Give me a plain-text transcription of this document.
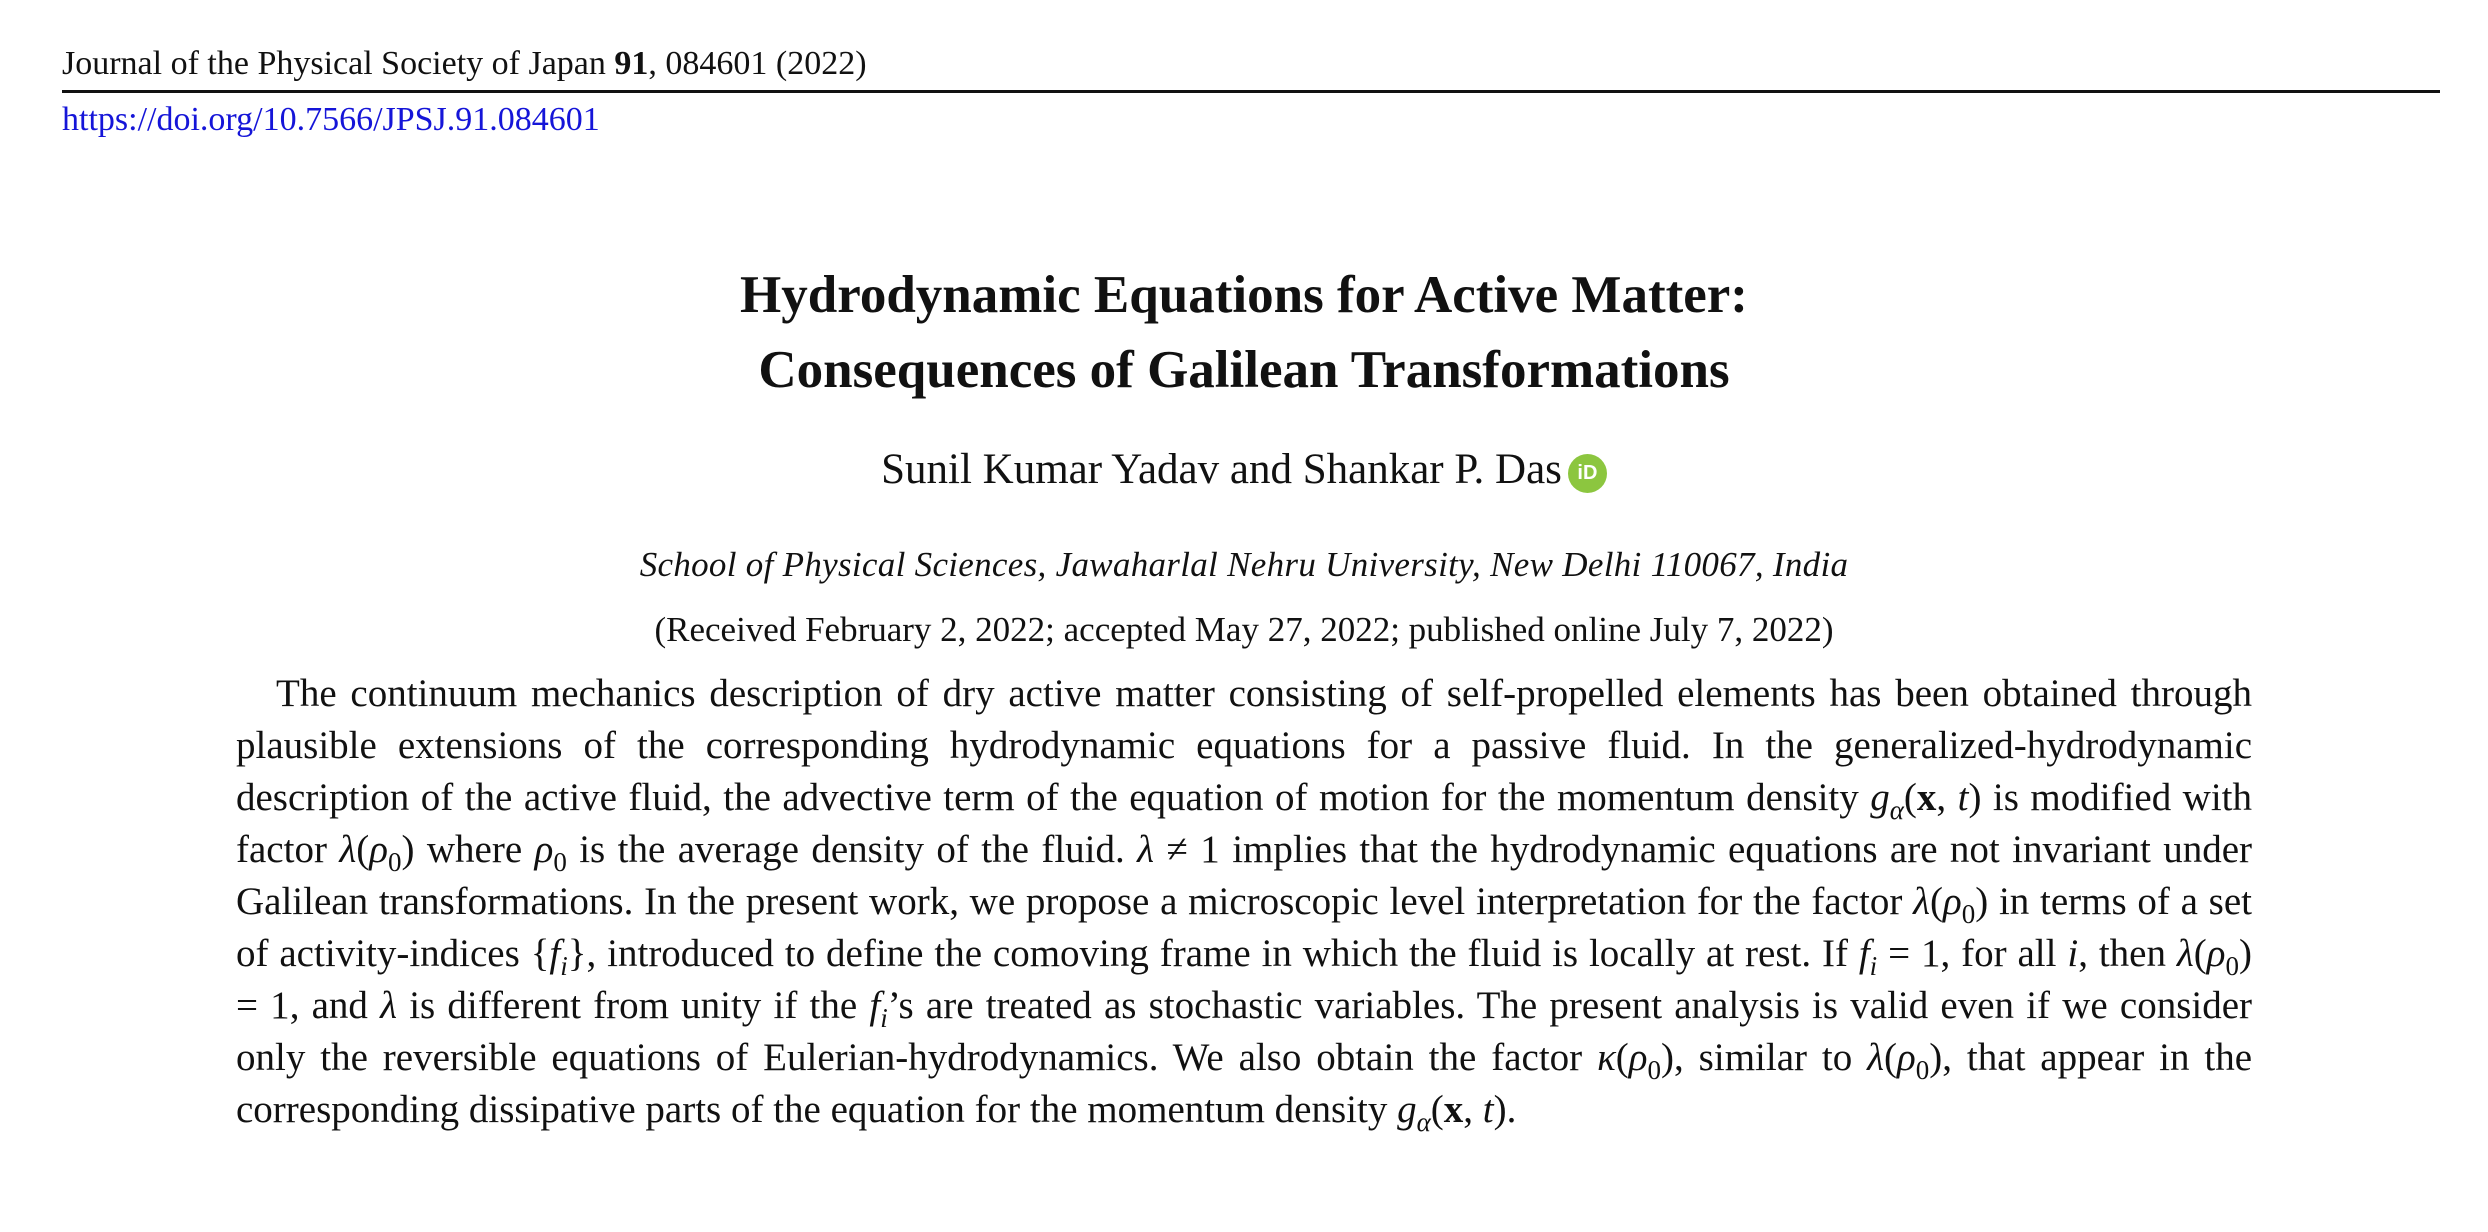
Journal of the Physical Society of Japan 91, 084601 (2022)
https://doi.org/10.7566/JPSJ.91.084601
Hydrodynamic Equations for Active Matter:
Consequences of Galilean Transformations
Sunil Kumar Yadav and Shankar P. Das iD
School of Physical Sciences, Jawaharlal Nehru University, New Delhi 110067, India
(Received February 2, 2022; accepted May 27, 2022; published online July 7, 2022)
The continuum mechanics description of dry active matter consisting of self-propelled elements has been obtained through plausible extensions of the corresponding hydrodynamic equations for a passive fluid. In the generalized-hydrodynamic description of the active fluid, the advective term of the equation of motion for the momentum density $g_\alpha(x$, t) is modified with factor $\lambda(\rho_0)$ where $\rho_0$ is the average density of the fluid. λ ≠ 1 implies that the hydrodynamic equations are not invariant under Galilean transformations. In the present work, we propose a microscopic level interpretation for the factor $\lambda(\rho_0)$ in terms of a set of activity-indices $\{f_i\}$, introduced to define the comoving frame in which the fluid is locally at rest. If $f_i = 1$, for all i, then $\lambda(\rho_0) = 1$, and λ is different from unity if the $f_i’s$ are treated as stochastic variables. The present analysis is valid even if we consider only the reversible equations of Eulerian-hydrodynamics. We also obtain the factor $\kappa(\rho_0)$, similar to $\lambda(\rho_0)$, that appear in the corresponding dissipative parts of the equation for the momentum density $g_\alpha(x$, t).
